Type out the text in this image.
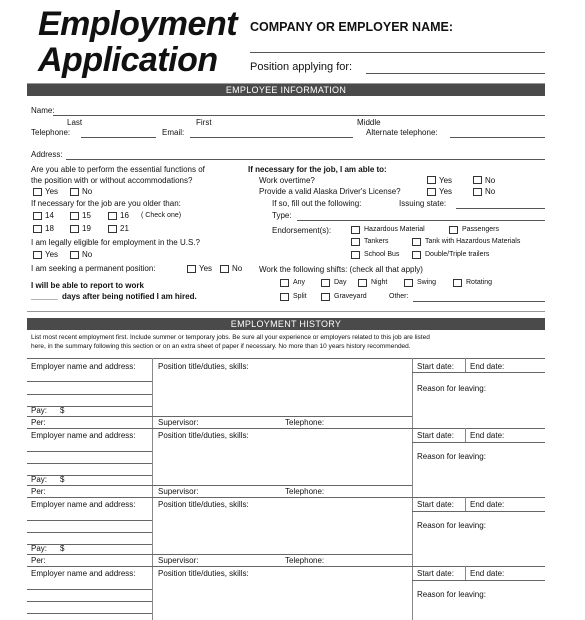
Employment
Application
COMPANY OR EMPLOYER NAME:
Position applying for:
EMPLOYEE INFORMATION
Name:
Last	First	Middle
Telephone:	Email:	Alternate telephone:
Address:
Are you able to perform the essential functions of
the position with or without accommodations?
Yes	No
If necessary for the job are you older than:
14	15	16 ( Check one)
18	19	21
I am legally eligible for employment in the U.S.?
Yes	No
I am seeking a permanent position:	Yes No
I will be able to report to work
______ days after being notified I am hired.
If necessary for the job, I am able to:
Work overtime?	Yes	No
Provide a valid Alaska Driver's License?	Yes	No
If so, fill out the following:	Issuing state:
Type:
Endorsement(s):	Hazardous Material	Passengers
Tankers	Tank with Hazardous Materials
School Bus	Double/Triple trailers
Work the following shifts: (check all that apply)
Any	Day	Night	Swing	Rotating
Split	Graveyard	Other:
EMPLOYMENT HISTORY
List most recent employment first. Include summer or temporary jobs. Be sure all your experience or employers related to this job are listed
here, in the summary following this section or on an extra sheet of paper if necessary. No more than 10 years history recommended.
Employer name and address:	Position title/duties, skills:	Start date: End date:
Reason for leaving:
Pay: $
Per:	Supervisor:	Telephone:
Employer name and address:	Position title/duties, skills:	Start date: End date:
Reason for leaving:
Pay: $
Per:	Supervisor:	Telephone:
Employer name and address:	Position title/duties, skills:	Start date: End date:
Reason for leaving:
Pay: $
Per:	Supervisor:	Telephone:
Employer name and address:	Position title/duties, skills:	Start date: End date:
Reason for leaving:
